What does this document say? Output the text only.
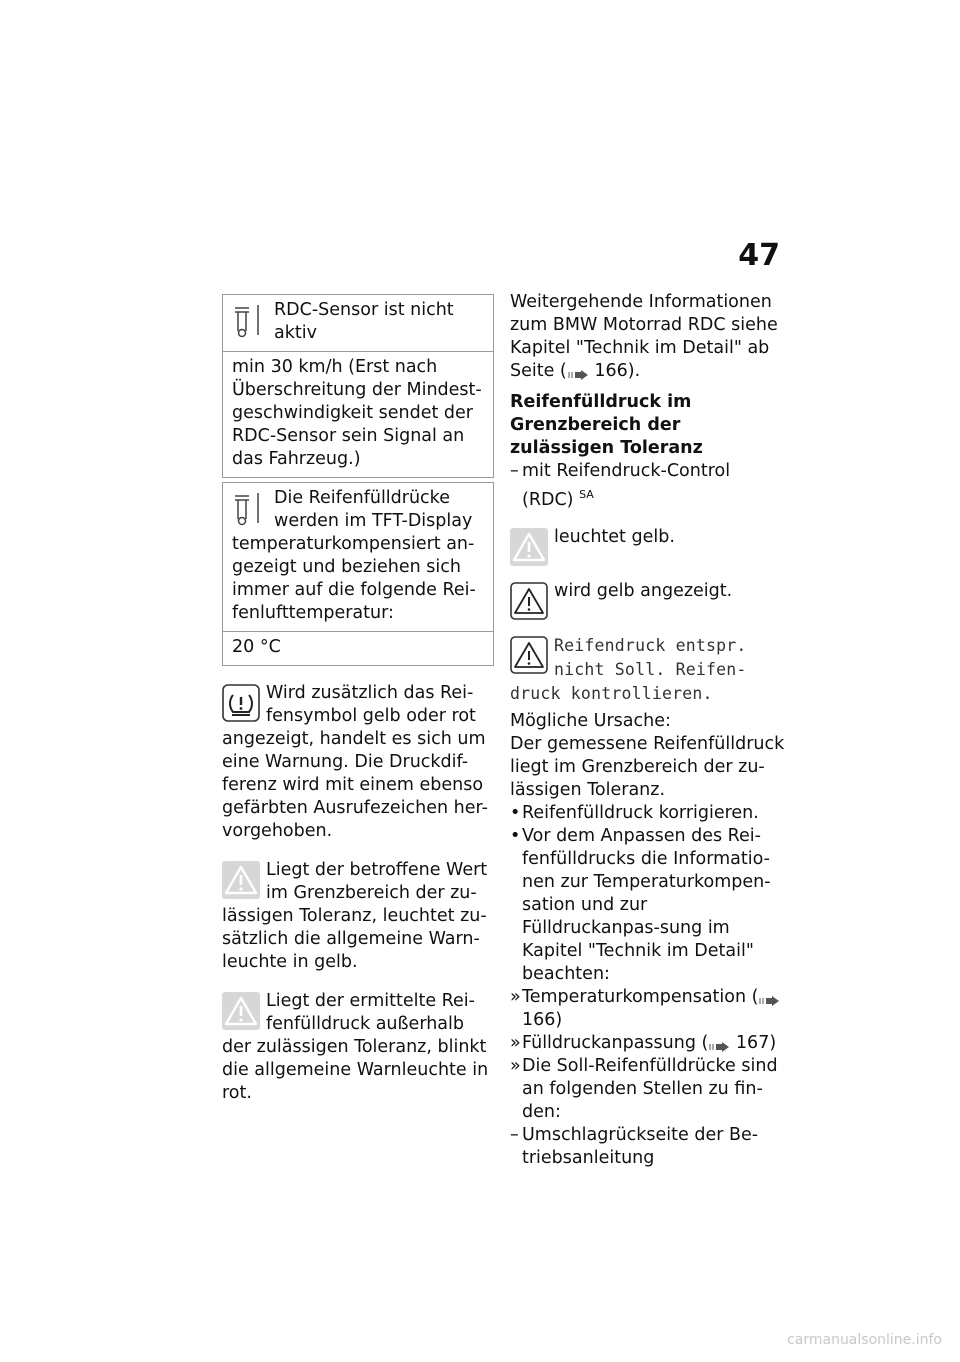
47
RDC-Sensor ist nicht aktiv
min 30 km/h (Erst nach Überschreitung der Mindest-geschwindigkeit sendet der RDC-Sensor sein Signal an das Fahrzeug.)
Die Reifenfülldrücke werden im TFT-Display temperaturkompensiert an-gezeigt und beziehen sich immer auf die folgende Rei-fenlufttemperatur:
20 °C
Wird zusätzlich das Rei-fensymbol gelb oder rot angezeigt, handelt es sich um eine Warnung. Die Druckdif-ferenz wird mit einem ebenso gefärbten Ausrufezeichen her-vorgehoben.
Liegt der betroffene Wert im Grenzbereich der zu-lässigen Toleranz, leuchtet zu-sätzlich die allgemeine Warn-leuchte in gelb.
Liegt der ermittelte Rei-fenfülldruck außerhalb der zulässigen Toleranz, blinkt die allgemeine Warnleuchte in rot.
Weitergehende Informationen zum BMW Motorrad RDC siehe Kapitel "Technik im Detail" ab Seite ( 166).
Reifenfülldruck im Grenzbereich der zulässigen Toleranz
– mit Reifendruck-Control (RDC) $^{SA}$
leuchtet gelb.
wird gelb angezeigt.
Reifendruck entspr. nicht Soll. Reifen-druck kontrollieren.
Mögliche Ursache:
Der gemessene Reifenfülldruck liegt im Grenzbereich der zu-lässigen Toleranz.
• Reifenfülldruck korrigieren.
• Vor dem Anpassen des Rei-fenfülldrucks die Informatio-nen zur Temperaturkompen-sation und zur Fülldruckanpas-sung im Kapitel "Technik im Detail" beachten:
» Temperaturkompensation ( 166)
» Fülldruckanpassung ( 167)
» Die Soll-Reifenfülldrücke sind an folgenden Stellen zu fin-den:
– Umschlagrückseite der Be-triebsanleitung
carmanualsonline.info
